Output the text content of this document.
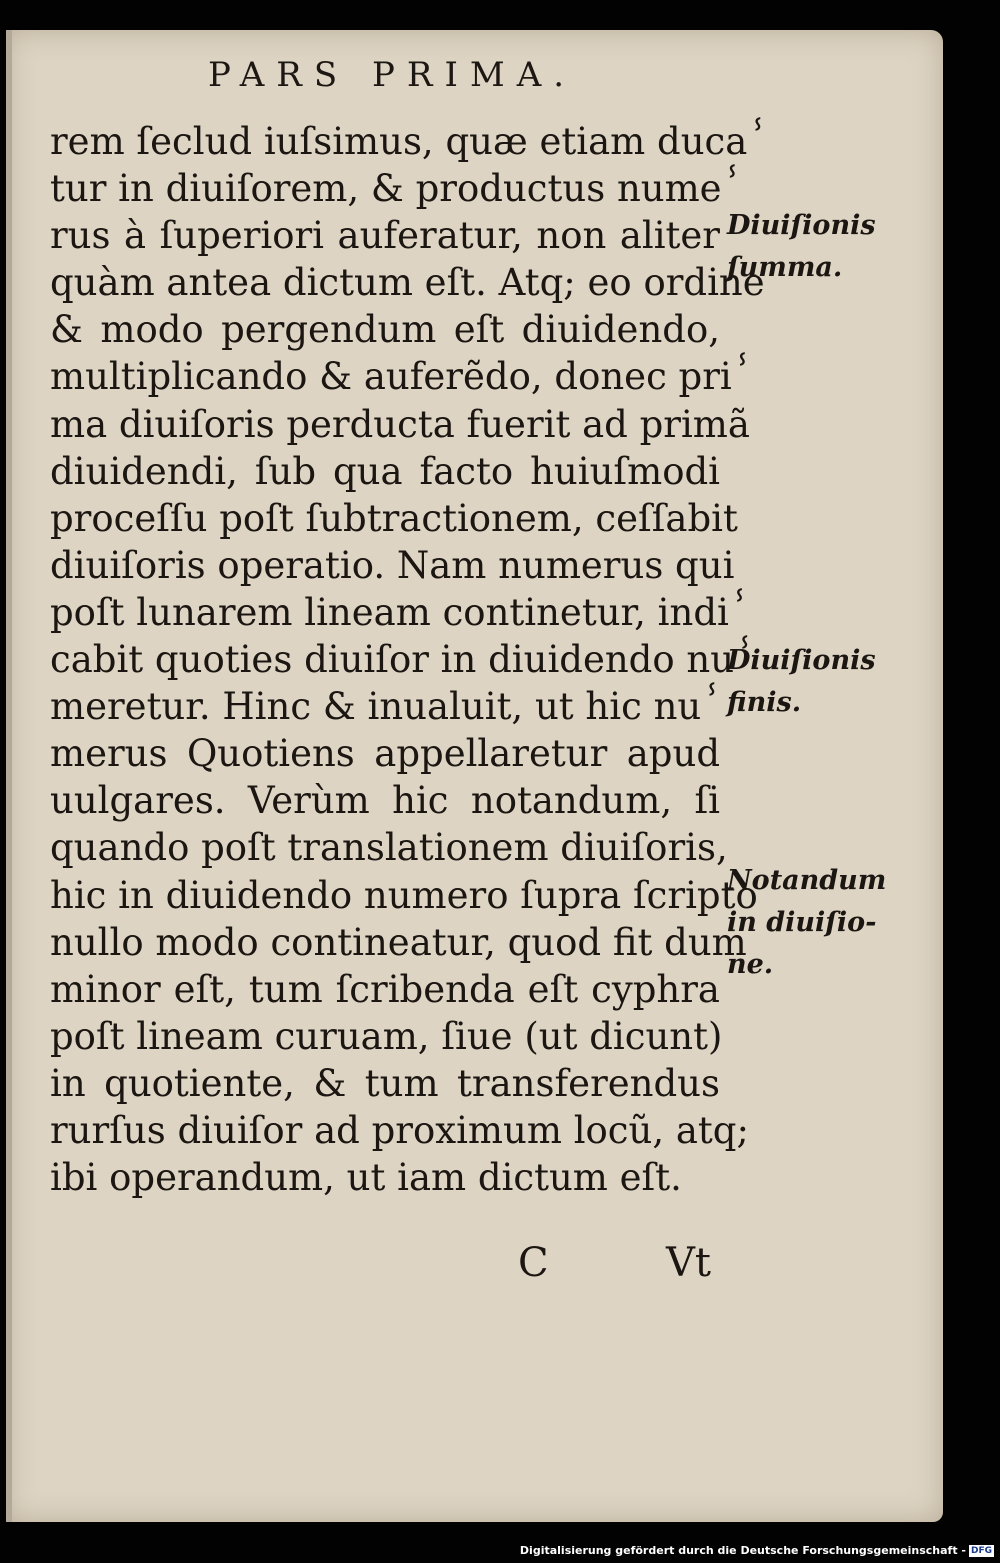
PARS PRIMA.
rem ſeclud iuſsimus, quæ etiam ducaⸯ
tur in diuiſorem, & productus numeⸯ
rus à ſuperiori auferatur, non aliter
quàm antea dictum eſt. Atq; eo ordine
& modo pergendum eſt diuidendo,
multiplicando & auferẽdo, donec priⸯ
ma diuiſoris perducta fuerit ad primã
diuidendi, ſub qua facto huiuſmodi
proceſſu poſt ſubtractionem, ceſſabit
diuiſoris operatio. Nam numerus qui
poſt lunarem lineam continetur, indiⸯ
cabit quoties diuiſor in diuidendo nuⸯ
meretur. Hinc & inualuit, ut hic nuⸯ
merus Quotiens appellaretur apud
uulgares. Verùm hic notandum, ſi
quando poſt translationem diuiſoris,
hic in diuidendo numero ſupra ſcripto
nullo modo contineatur, quod fit dum
minor eſt, tum ſcribenda eſt cyphra
poſt lineam curuam, ſiue (ut dicunt)
in quotiente, & tum transferendus
rurſus diuiſor ad proximum locũ, atq;
ibi operandum, ut iam dictum eſt.
Diuiſionis
ſumma.
Diuiſionis
finis.
Notandum
in diuiſio-
ne.
C	Vt
Digitalisierung gefördert durch die Deutsche Forschungsgemeinschaft - DFG
